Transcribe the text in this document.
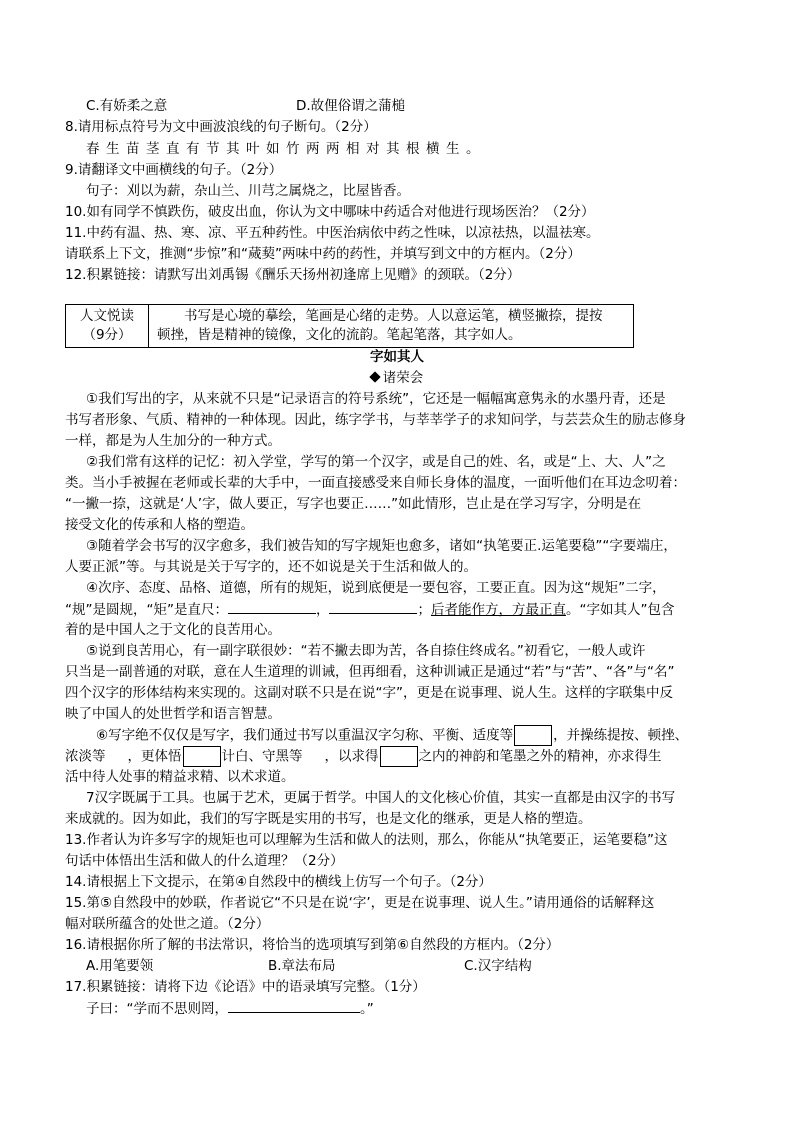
C.有娇柔之意	D.故俚俗谓之蒲槌
8.请用标点符号为文中画波浪线的句子断句。（2分）
春生苗茎直有节其叶如竹两两相对其根横生。
9.请翻译文中画横线的句子。（2分）
句子：刈以为薪，杂山兰、川芎之属烧之，比屋皆香。
10.如有同学不慎跌伤，破皮出血，你认为文中哪味中药适合对他进行现场医治？（2分）
11.中药有温、热、寒、凉、平五种药性。中医治病依中药之性味，以凉祛热，以温祛寒。
请联系上下文，推测“步惊”和“蒇葜”两味中药的药性，并填写到文中的方框内。（2分）
12.积累链接：请默写出刘禹锡《酬乐天扬州初逢席上见赠》的颈联。（2分）
人文悦读
（9分）

书写是心境的摹绘，笔画是心绪的走势。人以意运笔，横竖撇捺，提按
顿挫，皆是精神的镜像，文化的流韵。笔起笔落，其字如人。
字如其人
诸荣会
①我们写出的字，从来就不只是“记录语言的符号系统”，它还是一幅幅寓意隽永的水墨丹青，还是
书写者形象、气质、精神的一种体现。因此，练字学书，与莘莘学子的求知问学，与芸芸众生的励志修身
一样，都是为人生加分的一种方式。
②我们常有这样的记忆：初入学堂，学写的第一个汉字，或是自己的姓、名，或是“上、大、人”之
类。当小手被握在老师或长辈的大手中，一面直接感受来自师长身体的温度，一面听他们在耳边念叨着：
“一撇一捺，这就是‘人’字，做人要正，写字也要正……”如此情形，岂止是在学习写字，分明是在
接受文化的传承和人格的塑造。
③随着学会书写的汉字愈多，我们被告知的写字规矩也愈多，诸如“执笔要正.运笔要稳”“字要端庄，
人要正派”等。与其说是关于写字的，还不如说是关于生活和做人的。
④次序、态度、品格、道德，所有的规矩，说到底便是一要包容，工要正直。因为这“规矩”二字，
“规”是圆规，“矩”是直尺：	，	；后者能作方，方最正直。“字如其人”包含
着的是中国人之于文化的良苦用心。
⑤说到良苦用心，有一副字联很妙：“若不撇去即为苦，各自捺住终成名。”初看它，一般人或许
只当是一副普通的对联，意在人生道理的训诫，但再细看，这种训诫正是通过“若”与“苦”、“各”与“名”
四个汉字的形体结构来实现的。这副对联不只是在说“字”，更是在说事理、说人生。这样的字联集中反
映了中国人的处世哲学和语言智慧。
⑥写字绝不仅仅是写字，我们通过书写以重温汉字匀称、平衡、适度等	，并操练提按、顿挫、
浓淡等 ，更体悟	计白、守黑等 ，以求得	之内的神韵和笔墨之外的精神，亦求得生
活中待人处事的精益求精、以术求道。
7汉字既属于工具。也属于艺术，更属于哲学。中国人的文化核心价值，其实一直都是由汉字的书写
来成就的。因为如此，我们的写字既是实用的书写，也是文化的继承，更是人格的塑造。
13.作者认为许多写字的规矩也可以理解为生活和做人的法则，那么，你能从“执笔要正，运笔要稳”这
句话中体悟出生活和做人的什么道理？（2分）
14.请根据上下文提示，在第④自然段中的横线上仿写一个句子。（2分）
15.第⑤自然段中的妙联，作者说它“不只是在说‘字’，更是在说事理、说人生。”请用通俗的话解释这
幅对联所蕴含的处世之道。（2分）
16.请根据你所了解的书法常识，将恰当的选项填写到第⑥自然段的方框内。（2分）
A.用笔要领	B.章法布局	C.汉字结构
17.积累链接：请将下边《论语》中的语录填写完整。（1分）
子曰：“学而不思则罔，	。”
